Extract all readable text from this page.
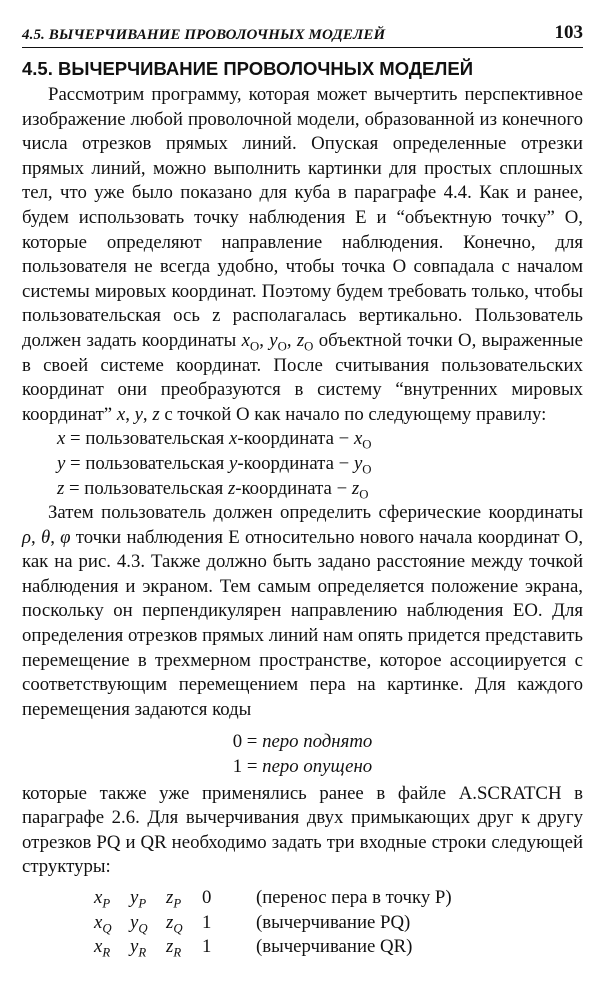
4.5. ВЫЧЕРЧИВАНИЕ ПРОВОЛОЧНЫХ МОДЕЛЕЙ	103
4.5. ВЫЧЕРЧИВАНИЕ ПРОВОЛОЧНЫХ МОДЕЛЕЙ

Рассмотрим программу, которая может вычертить перспективное изображение любой проволочной модели, образованной из конечного числа отрезков прямых линий. Опуская определенные отрезки прямых линий, можно выполнить картинки для простых сплошных тел, что уже было показано для куба в параграфе 4.4. Как и ранее, будем использовать точку наблюдения E и “объектную точку” O, которые определяют направление наблюдения. Конечно, для пользователя не всегда удобно, чтобы точка O совпадала с началом системы мировых координат. Поэтому будем требовать только, чтобы пользовательская ось z располагалась вертикально. Пользователь должен задать координаты $x_O$, $y_O$, $z_O$ объектной точки O, выраженные в своей системе координат. После считывания пользовательских координат они преобразуются в систему “внутренних мировых координат” x, y, z с точкой O как начало по следующему правилу:

x = пользовательская x-координата − $x_O$
y = пользовательская y-координата − $y_O$
z = пользовательская z-координата − $z_O$

Затем пользователь должен определить сферические координаты ρ, θ, φ точки наблюдения E относительно нового начала координат O, как на рис. 4.3. Также должно быть задано расстояние между точкой наблюдения и экраном. Тем самым определяется положение экрана, поскольку он перпендикулярен направлению наблюдения EO. Для определения отрезков прямых линий нам опять придется представить перемещение в трехмерном пространстве, которое ассоциируется с соответствующим перемещением пера на картинке. Для каждого перемещения задаются коды

0 = перо поднято
1 = перо опущено

которые также уже применялись ранее в файле A.SCRATCH в параграфе 2.6. Для вычерчивания двух примыкающих друг к другу отрезков PQ и QR необходимо задать три входные строки следующей структуры:

$x_P$	$y_P$	$z_P$	0	(перенос пера в точку P)
$x_Q$	$y_Q$	$z_Q$	1	(вычерчивание PQ)
$x_R$	$y_R$	$z_R$	1	(вычерчивание QR)
